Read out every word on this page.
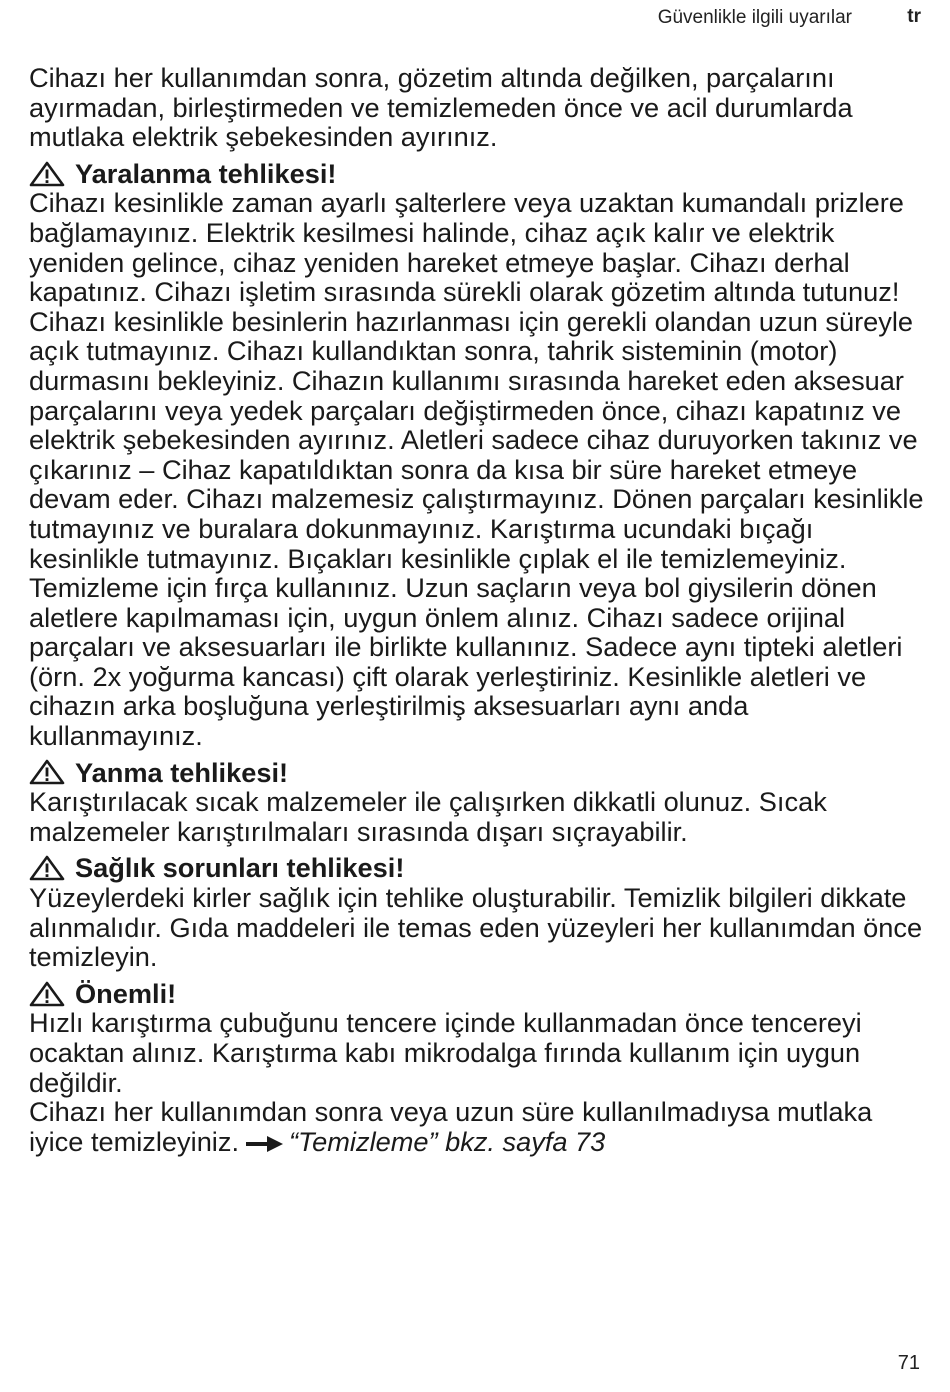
Güvenlikle ilgili uyarılar	tr

Cihazı her kullanımdan sonra, gözetim altında değilken, parçalarını ayırmadan, birleştirmeden ve temizlemeden önce ve acil durumlarda mutlaka elektrik şebekesinden ayırınız.

Yaralanma tehlikesi!

Cihazı kesinlikle zaman ayarlı şalterlere veya uzaktan kumandalı prizlere bağlamayınız. Elektrik kesilmesi halinde, cihaz açık kalır ve elektrik yeniden gelince, cihaz yeniden hareket etmeye başlar. Cihazı derhal kapatınız. Cihazı işletim sırasında sürekli olarak gözetim altında tutunuz! Cihazı kesinlikle besinlerin hazırlanması için gerekli olandan uzun süreyle açık tutmayınız. Cihazı kullandıktan sonra, tahrik sisteminin (motor) durmasını bekleyiniz. Cihazın kullanımı sırasında hareket eden aksesuar parçalarını veya yedek parçaları değiştirmeden önce, cihazı kapatınız ve elektrik şebekesinden ayırınız. Aletleri sadece cihaz duruyorken takınız ve çıkarınız – Cihaz kapatıldıktan sonra da kısa bir süre hareket etmeye devam eder. Cihazı malzemesiz çalıştırmayınız. Dönen parçaları kesinlikle tutmayınız ve buralara dokunmayınız. Karıştırma ucundaki bıçağı kesinlikle tutmayınız. Bıçakları kesinlikle çıplak el ile temizlemeyiniz. Temizleme için fırça kullanınız. Uzun saçların veya bol giysilerin dönen aletlere kapılmaması için, uygun önlem alınız. Cihazı sadece orijinal parçaları ve aksesuarları ile birlikte kullanınız. Sadece aynı tipteki aletleri (örn. 2x yoğurma kancası) çift olarak yerleştiriniz. Kesinlikle aletleri ve cihazın arka boşluğuna yerleştirilmiş aksesuarları aynı anda kullanmayınız.

Yanma tehlikesi!

Karıştırılacak sıcak malzemeler ile çalışırken dikkatli olunuz. Sıcak malzemeler karıştırılmaları sırasında dışarı sıçrayabilir.

Sağlık sorunları tehlikesi!

Yüzeylerdeki kirler sağlık için tehlike oluşturabilir. Temizlik bilgileri dikkate alınmalıdır. Gıda maddeleri ile temas eden yüzeyleri her kullanımdan önce temizleyin.

Önemli!

Hızlı karıştırma çubuğunu tencere içinde kullanmadan önce tencereyi ocaktan alınız. Karıştırma kabı mikrodalga fırında kullanım için uygun değildir.

Cihazı her kullanımdan sonra veya uzun süre kullanılmadıysa mutlaka iyice temizleyiniz. “Temizleme” bkz. sayfa 73

71
